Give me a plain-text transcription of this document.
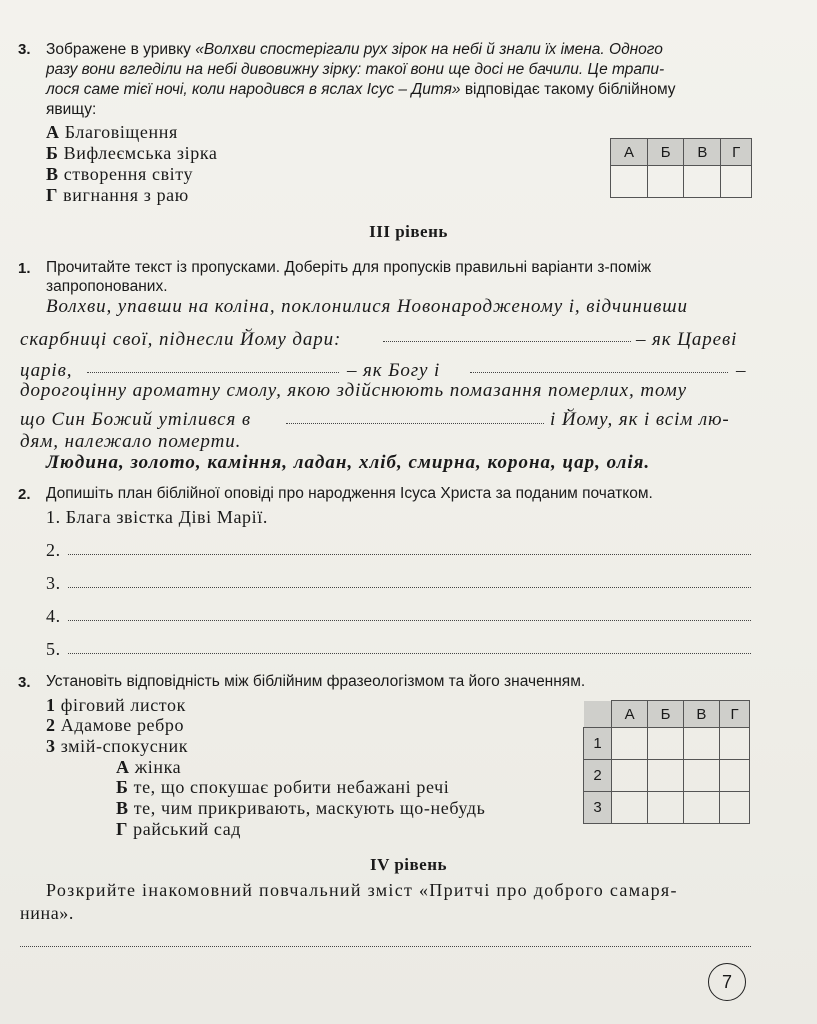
3. Зображене в уривку «Волхви спостерігали рух зірок на небі й знали їх імена. Одного
разу вони вгледіли на небі дивовижну зірку: такої вони ще досі не бачили. Це трапи-
лося саме тієї ночі, коли народився в яслах Ісус – Дитя» відповідає такому біблійному
явищу:
А Благовіщення
Б Вифлеємська зірка
В створення світу
Г вигнання з раю
А	Б	В	Г

ІІІ рівень
1. Прочитайте текст із пропусками. Доберіть для пропусків правильні варіанти з-поміж
запропонованих.
Волхви, упавши на коліна, поклонилися Новонародженому і, відчинивши
скарбниці свої, піднесли Йому дари:	– як Цареві
царів,	– як Богу і	–
дорогоцінну ароматну смолу, якою здійснюють помазання померлих, тому
що Син Божий утілився в	і Йому, як і всім лю-
дям, належало померти.
Людина, золото, каміння, ладан, хліб, смирна, корона, цар, олія.
2. Допишіть план біблійної оповіді про народження Ісуса Христа за поданим початком.
1. Блага звістка Діві Марії.
2.
3.
4.
5.
3. Установіть відповідність між біблійним фразеологізмом та його значенням.
1 фіговий листок
2 Адамове ребро
3 змій-спокусник
А жінка
Б те, що спокушає робити небажані речі
В те, чим прикривають, маскують що-небудь
Г райський сад
	А	Б	В	Г
1				
2				
3				
IV рівень
Розкрийте інакомовний повчальний зміст «Притчі про доброго самаря-
нина».
7
